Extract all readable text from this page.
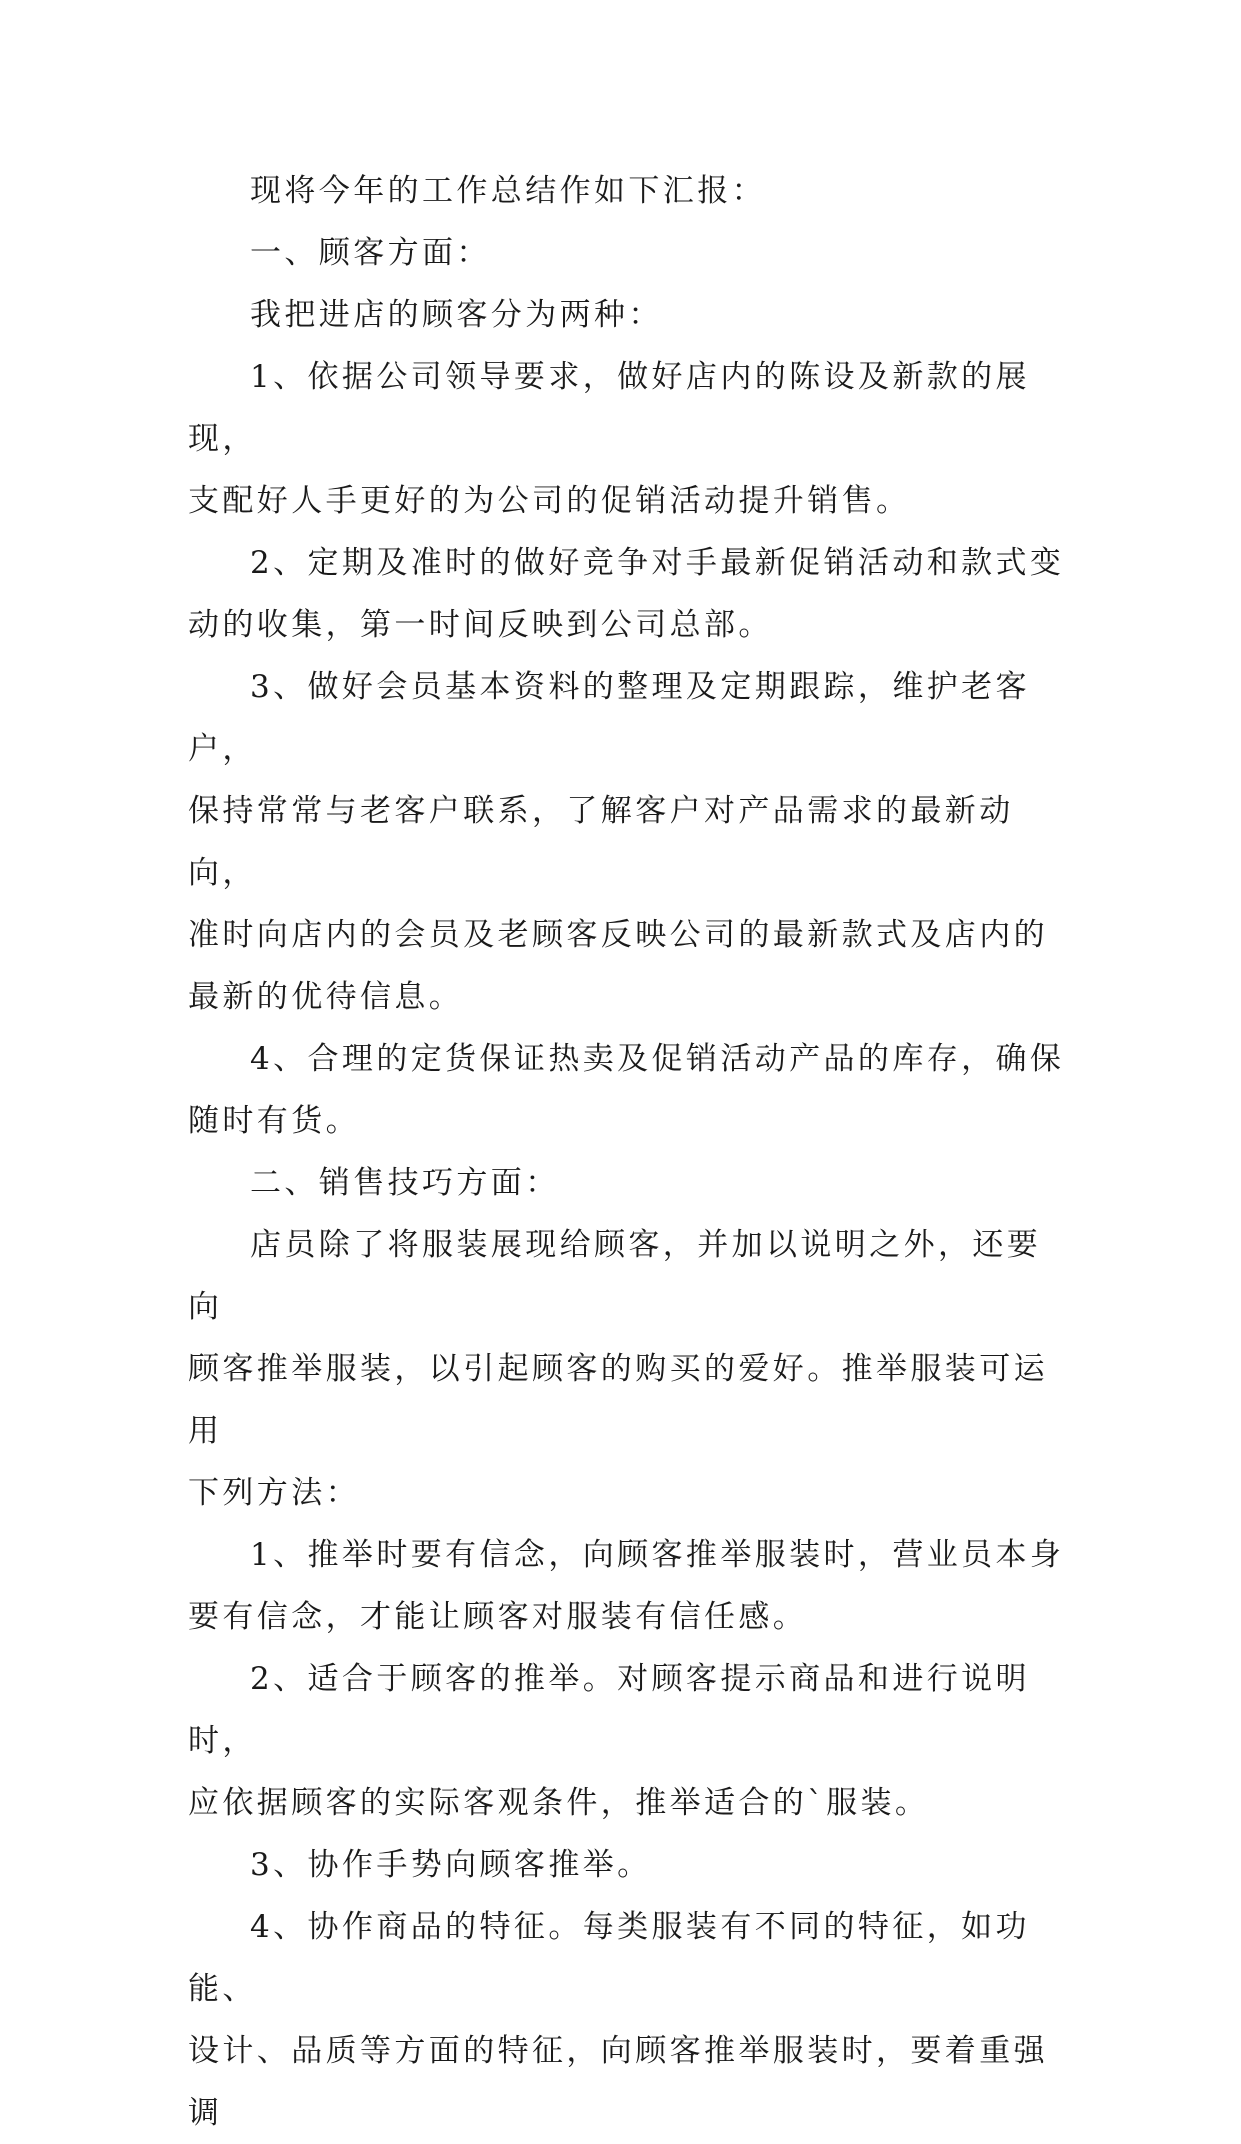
现将今年的工作总结作如下汇报：

一、顾客方面：

我把进店的顾客分为两种：

1、依据公司领导要求，做好店内的陈设及新款的展现，
支配好人手更好的为公司的促销活动提升销售。

2、定期及准时的做好竞争对手最新促销活动和款式变
动的收集，第一时间反映到公司总部。

3、做好会员基本资料的整理及定期跟踪，维护老客户，
保持常常与老客户联系，了解客户对产品需求的最新动向，
准时向店内的会员及老顾客反映公司的最新款式及店内的
最新的优待信息。

4、合理的定货保证热卖及促销活动产品的库存，确保
随时有货。

二、销售技巧方面：

店员除了将服装展现给顾客，并加以说明之外，还要向
顾客推举服装，以引起顾客的购买的爱好。推举服装可运用
下列方法：

1、推举时要有信念，向顾客推举服装时，营业员本身
要有信念，才能让顾客对服装有信任感。

2、适合于顾客的推举。对顾客提示商品和进行说明时，
应依据顾客的实际客观条件，推举适合的`服装。

3、协作手势向顾客推举。

4、协作商品的特征。每类服装有不同的特征，如功能、
设计、品质等方面的特征，向顾客推举服装时，要着重强调
